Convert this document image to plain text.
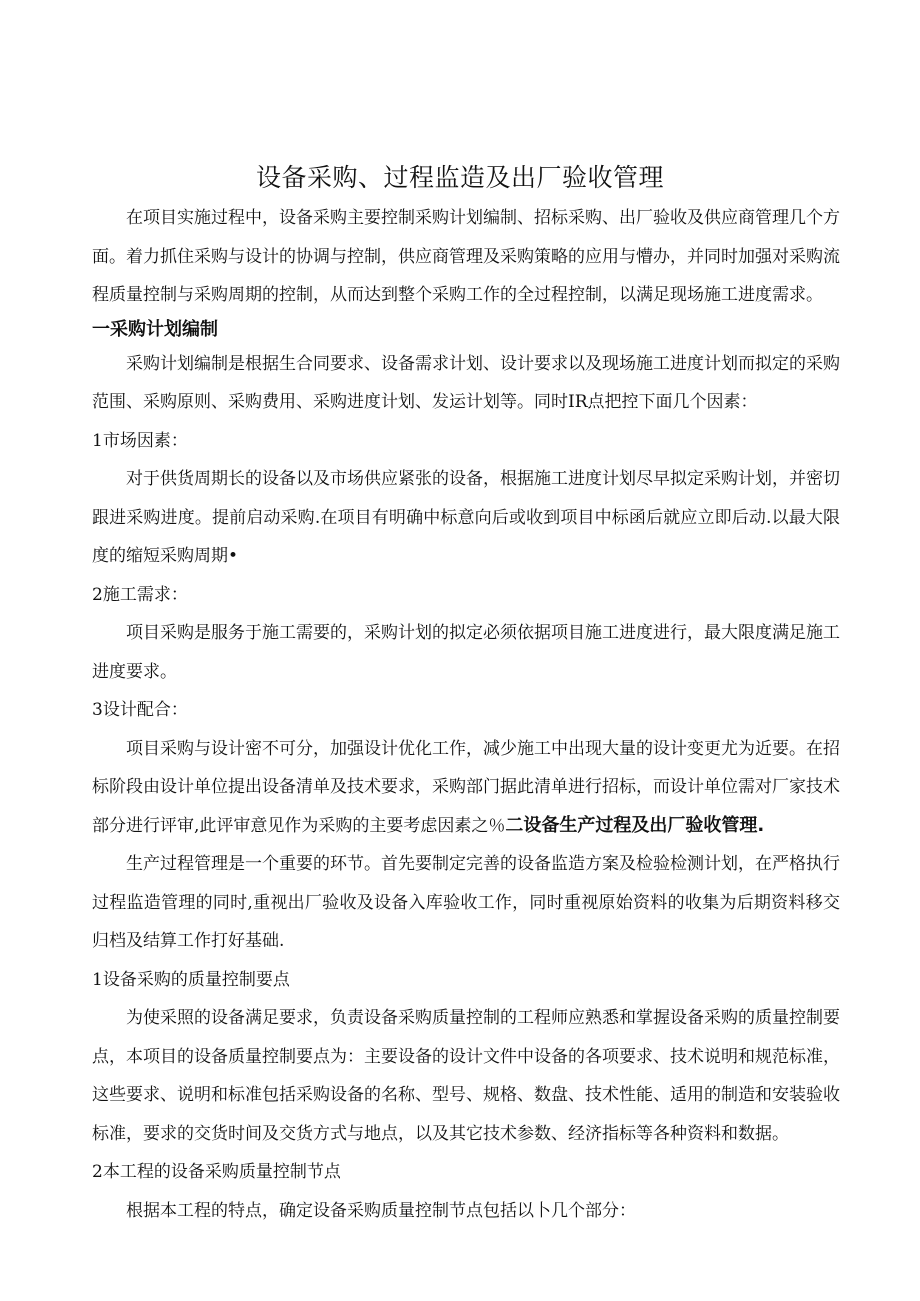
设备采购、过程监造及出厂验收管理

在项目实施过程中，设备采购主要控制采购计划编制、招标采购、出厂验收及供应商管理几个方面。着力抓住采购与设计的协调与控制，供应商管理及采购策略的应用与懵办，并同时加强对采购流程质量控制与采购周期的控制，从而达到整个采购工作的全过程控制，以满足现场施工进度需求。

一采购计划编制

采购计划编制是根据生合同要求、设备需求计划、设计要求以及现场施工进度计划而拟定的采购范围、采购原则、采购费用、采购进度计划、发运计划等。同时IR点把控下面几个因素：

1市场因素：

对于供货周期长的设备以及市场供应紧张的设备，根据施工进度计划尽早拟定采购计划，并密切跟进采购进度。提前启动采购.在项目有明确中标意向后或收到项目中标函后就应立即后动.以最大限度的缩短采购周期•

2施工需求：

项目采购是服务于施工需要的，采购计划的拟定必须依据项目施工进度进行，最大限度满足施工进度要求。

3设计配合：

项目采购与设计密不可分，加强设计优化工作，减少施工中出现大量的设计变更尤为近要。在招标阶段由设计单位提出设备清单及技术要求，采购部门据此清单进行招标，而设计单位需对厂家技术部分进行评审,此评审意见作为采购的主要考虑因素之％二设备生产过程及出厂验收管理.

生产过程管理是一个重要的环节。首先要制定完善的设备监造方案及检验检测计划，在严格执行过程监造管理的同时,重视出厂验收及设备入库验收工作，同时重视原始资料的收集为后期资料移交归档及结算工作打好基础.

1设备采购的质量控制要点

为使采照的设备满足要求，负责设备采购质量控制的工程师应熟悉和掌握设备采购的质量控制要点，本项目的设备质量控制要点为：主要设备的设计文件中设备的各项要求、技术说明和规范标准，这些要求、说明和标准包括采购设备的名称、型号、规格、数盘、技术性能、适用的制造和安装验收标准，要求的交货时间及交货方式与地点，以及其它技术参数、经济指标等各种资料和数据。

2本工程的设备采购质量控制节点

根据本工程的特点，确定设备采购质量控制节点包括以卜几个部分：
